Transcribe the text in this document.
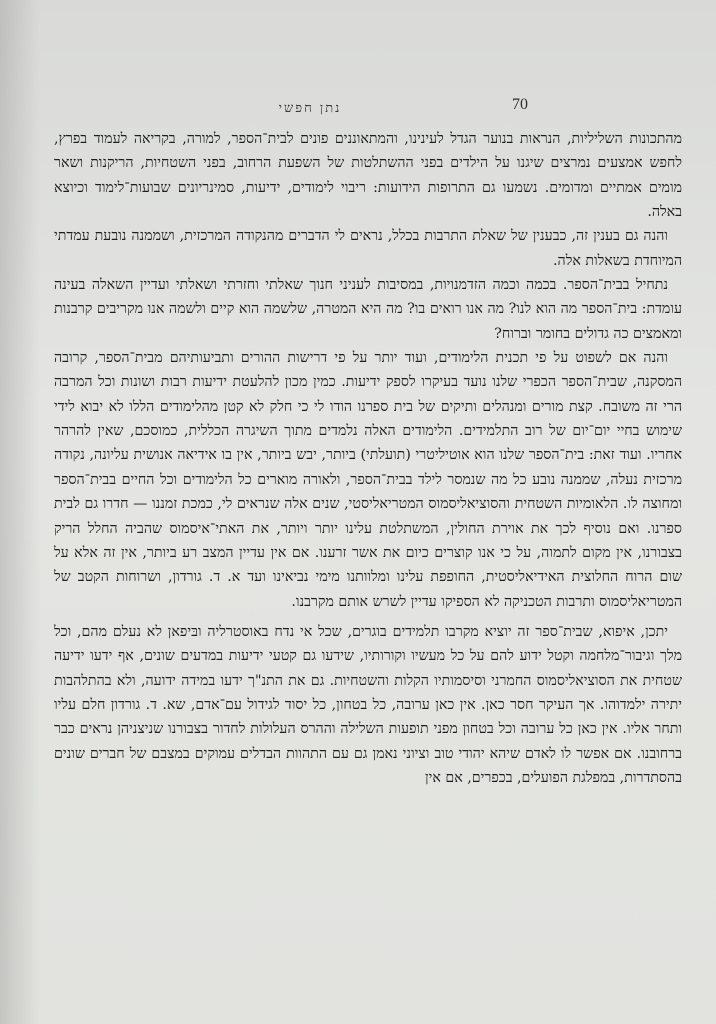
נתן חפשי	70

מהתכונות השליליות, הנראות בנוער הגדל לעינינו, והמתאוננים פונים לבית־הספר, למורה, בקריאה לעמוד בפרץ, לחפש אמצעים נמרצים שיגנו על הילדים בפני ההשתלטות של השפעת הרחוב, בפני השטחיות, הריקנות ושאר מומים אמתיים ומדומים. נשמעו גם התרופות הידועות: ריבוי לימודים, ידיעות, סמינריונים שבועות־לימוד וכיוצא באלה.

והנה גם בענין זה, כבענין של שאלת התרבות בכלל, נראים לי הדברים מהנקודה המרכזית, ושממנה נובעת עמדתי המיוחדת בשאלות אלה.

נתחיל בבית־הספר. בכמה וכמה הזדמנויות, במסיבות לעניני חנוך שאלתי וחזרתי ושאלתי ועדיין השאלה בעינה עומדת: בית־הספר מה הוא לנו? מה אנו רואים בו? מה היא המטרה, שלשמה הוא קיים ולשמה אנו מקריבים קרבנות ומאמצים כה גדולים בחומר וברוח?

והנה אם לשפוט על פי תכנית הלימודים, ועוד יותר על פי דרישות ההורים ותביעותיהם מבית־הספר, קרובה המסקנה, שבית־הספר הכפרי שלנו נועד בעיקרו לספק ידיעות. כמין מכון להלעטת ידיעות רבות ושונות וכל המרבה הרי זה משובח. קצת מורים ומנהלים ותיקים של בית ספרנו הודו לי כי חלק לא קטן מהלימודים הללו לא יבוא לידי שימוש בחיי יום־יום של רוב התלמידים. הלימודים האלה נלמדים מתוך השיגרה הכללית, כמוסכם, שאין להרהר אחריו. ועוד זאת: בית־הספר שלנו הוא אוטיליטרי (תועלתי) ביותר, יבש ביותר, אין בו אידיאה אנושית עליונה, נקודה מרכזית נעלה, שממנה נובע כל מה שנמסר לילד בבית־הספר, ולאורה מוארים כל הלימודים וכל החיים בבית־הספר ומחוצה לו. הלאומיות השטחית והסוציאליסמוס המטריאליסטי, שנים אלה שנראים לי, כמכת זמננו — חדרו גם לבית ספרנו. ואם נוסיף לכך את אוירת החולין, המשתלטת עלינו יותר ויותר, את האתי־איסמוס שהביה החלל הריק בצבורנו, אין מקום לתמוה, על כי אנו קוצרים כיום את אשר זרענו. אם אין עדיין המצב רע ביותר, אין זה אלא על שום הרוח החלוצית האידיאליסטית, החופפת עלינו ומלוותנו מימי נביאינו ועד א. ד. גורדון, ושרוחות הקטב של המטריאליסמוס ותרבות הטכניקה לא הספיקו עדיין לשרש אותם מקרבנו.

יתכן, איפוא, שבית־ספר זה יוציא מקרבו תלמידים בוגרים, שכל אי נדח באוסטרליה ובּיפאן לא נעלם מהם, וכל מלך וגיבור־מלחמה וקטל ידוע להם על כל מעשיו וקורותיו, שידעו גם קטעי ידיעות במדעים שונים, אף ידעו ידיעה שטחית את הסוציאליסמוס החמרני וסיסמותיו הקלות והשטחיות. גם את התנ"ך ידעו במידה ידועה, ולא בהתלהבות יתירה ילמדוהו. אך העיקר חסר כאן. אין כאן ערובה, כל בטחון, כל יסוד לגידול עם־אדם, שא. ד. גורדון חלם עליו ותחר אליו. אין כאן כל ערובה וכל בטחון מפני תופעות השלילה וההרס העלולות לחדור בצבורנו שניצניהן נראים כבר ברחובנו. אם אפשר לו לאדם שיהא יהודי טוב וציוני נאמן גם עם התהוות הבדלים עמוקים במצבם של חברים שונים בהסתדרות, במפלגת הפועלים, בכפרים, אם אין
